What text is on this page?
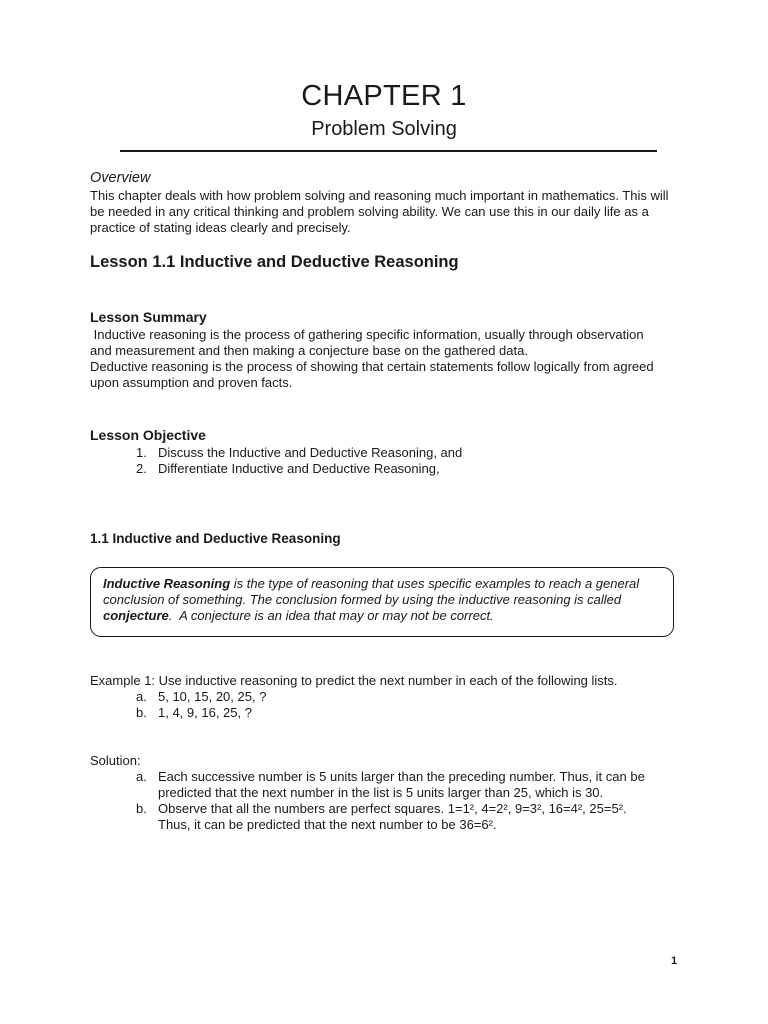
CHAPTER 1
Problem Solving
Overview
This chapter deals with how problem solving and reasoning much important in mathematics. This will be needed in any critical thinking and problem solving ability. We can use this in our daily life as a practice of stating ideas clearly and precisely.
Lesson 1.1 Inductive and Deductive Reasoning
Lesson Summary

Inductive reasoning is the process of gathering specific information, usually through observation and measurement and then making a conjecture base on the gathered data.

Deductive reasoning is the process of showing that certain statements follow logically from agreed upon assumption and proven facts.

Lesson Objective
1. Discuss the Inductive and Deductive Reasoning, and
2. Differentiate Inductive and Deductive Reasoning,
1.1 Inductive and Deductive Reasoning
Inductive Reasoning is the type of reasoning that uses specific examples to reach a general conclusion of something. The conclusion formed by using the inductive reasoning is called conjecture.  A conjecture is an idea that may or may not be correct.
Example 1: Use inductive reasoning to predict the next number in each of the following lists.
a. 5, 10, 15, 20, 25, ?
b. 1, 4, 9, 16, 25, ?
Solution:
a. Each successive number is 5 units larger than the preceding number. Thus, it can be predicted that the next number in the list is 5 units larger than 25, which is 30.
b. Observe that all the numbers are perfect squares. 1=1², 4=2², 9=3², 16=4², 25=5². Thus, it can be predicted that the next number to be 36=6².
1
